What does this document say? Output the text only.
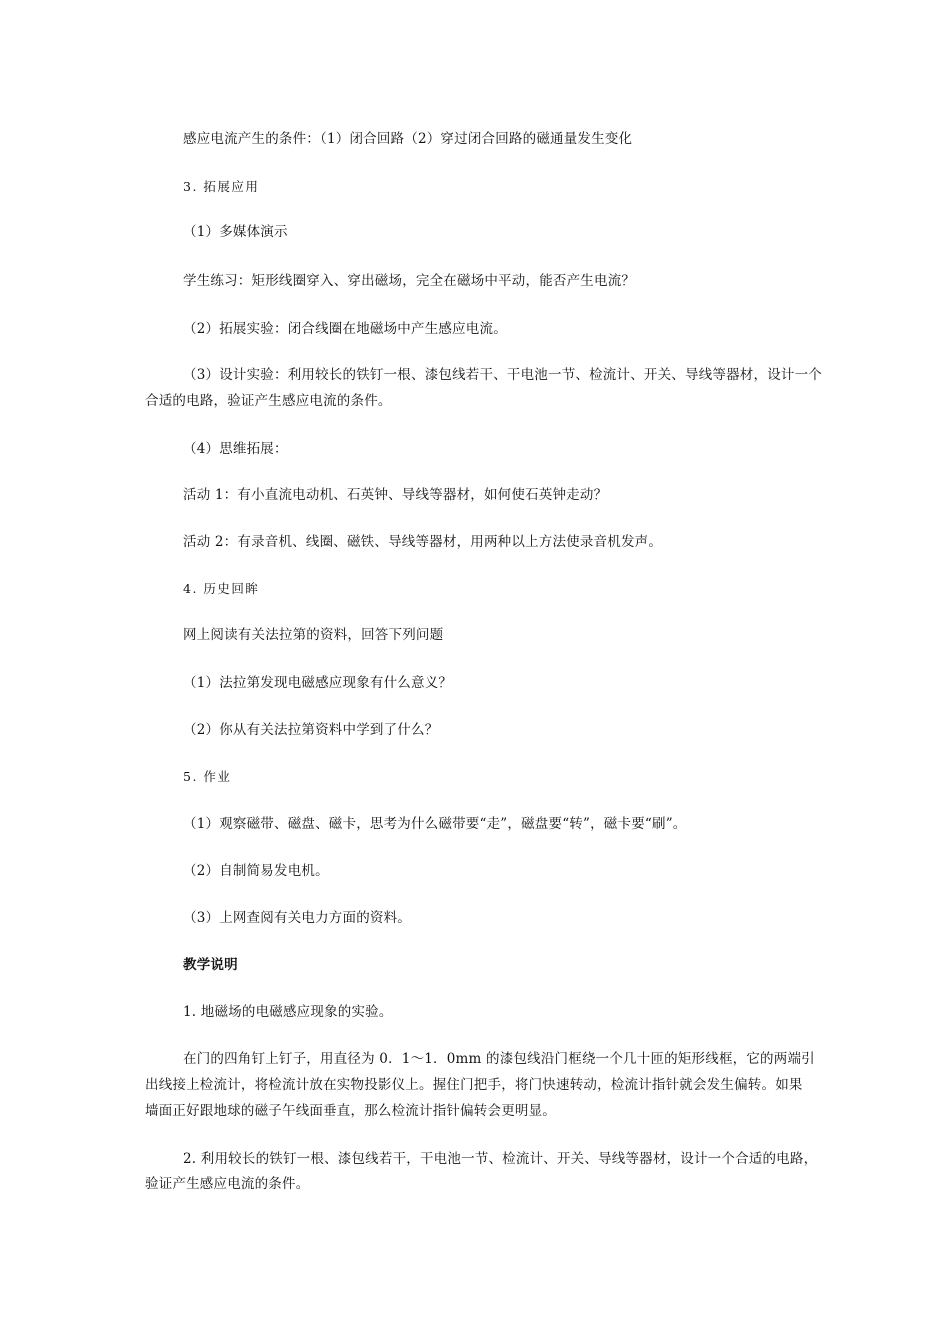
感应电流产生的条件：（1）闭合回路（2）穿过闭合回路的磁通量发生变化
3. 拓展应用
（1）多媒体演示
学生练习：矩形线圈穿入、穿出磁场，完全在磁场中平动，能否产生电流？
（2）拓展实验：闭合线圈在地磁场中产生感应电流。
（3）设计实验：利用较长的铁钉一根、漆包线若干、干电池一节、检流计、开关、导线等器材，设计一个
合适的电路，验证产生感应电流的条件。
（4）思维拓展：
活动 1：有小直流电动机、石英钟、导线等器材，如何使石英钟走动？
活动 2：有录音机、线圈、磁铁、导线等器材，用两种以上方法使录音机发声。
4. 历史回眸
网上阅读有关法拉第的资料，回答下列问题
（1）法拉第发现电磁感应现象有什么意义？
（2）你从有关法拉第资料中学到了什么？
5. 作业
（1）观察磁带、磁盘、磁卡，思考为什么磁带要“走”，磁盘要“转”，磁卡要“刷”。
（2）自制简易发电机。
（3）上网查阅有关电力方面的资料。
教学说明
1. 地磁场的电磁感应现象的实验。
在门的四角钉上钉子，用直径为 0．1～1．0mm 的漆包线沿门框绕一个几十匝的矩形线框，它的两端引
出线接上检流计，将检流计放在实物投影仪上。握住门把手，将门快速转动，检流计指针就会发生偏转。如果
墙面正好跟地球的磁子午线面垂直，那么检流计指针偏转会更明显。
2. 利用较长的铁钉一根、漆包线若干，干电池一节、检流计、开关、导线等器材，设计一个合适的电路，
验证产生感应电流的条件。
